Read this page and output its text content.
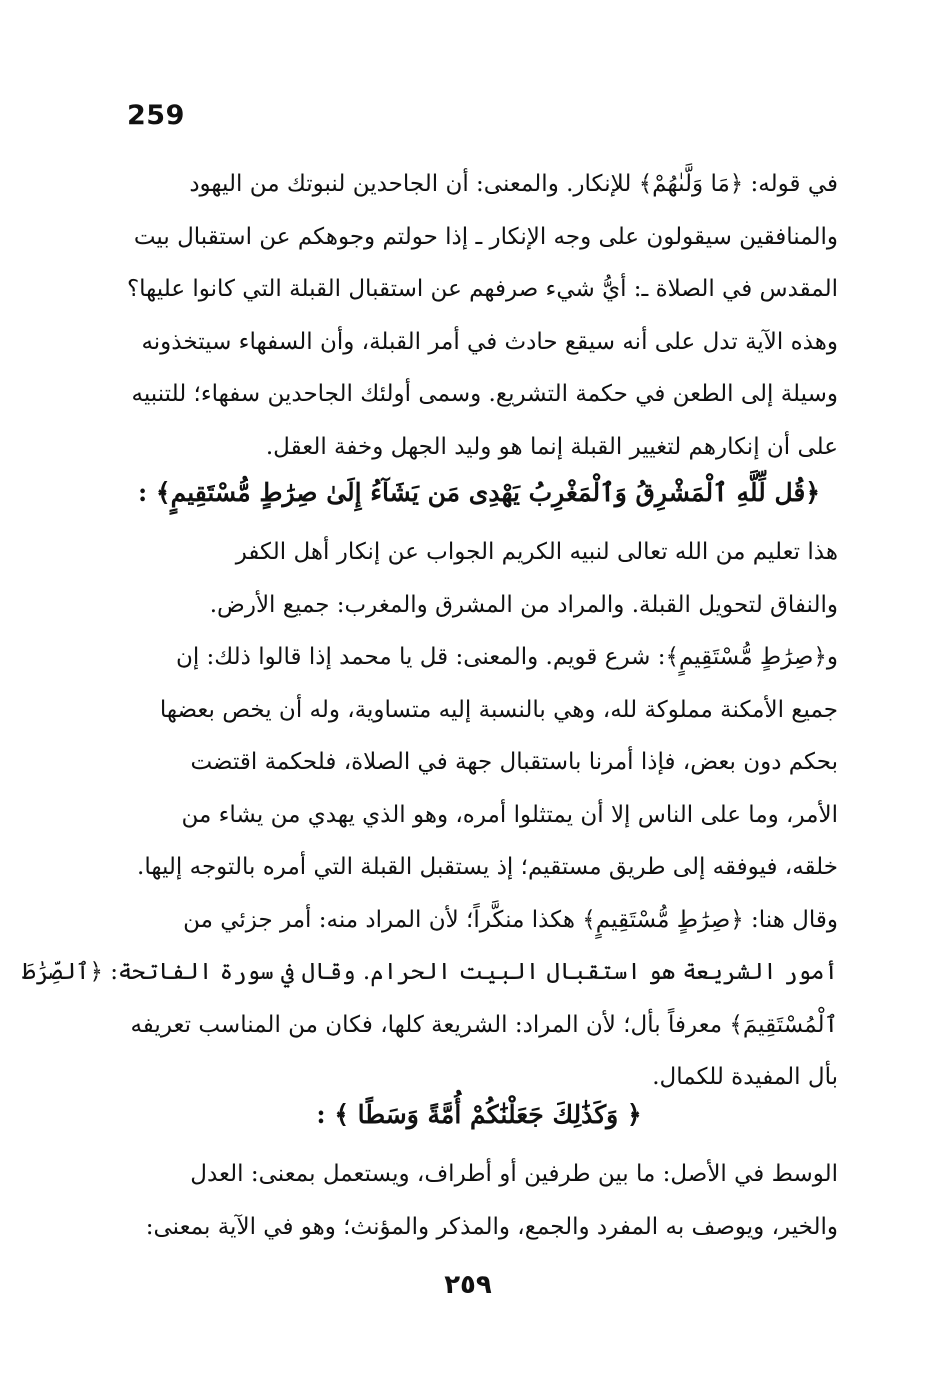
259
في قوله: ﴿مَا وَلَّىٰهُمْ﴾ للإنكار. والمعنى: أن الجاحدين لنبوتك من اليهود
والمنافقين سيقولون على وجه الإنكار ـ إذا حولتم وجوهكم عن استقبال بيت
المقدس في الصلاة ـ: أيُّ شيء صرفهم عن استقبال القبلة التي كانوا عليها؟
وهذه الآية تدل على أنه سيقع حادث في أمر القبلة، وأن السفهاء سيتخذونه
وسيلة إلى الطعن في حكمة التشريع. وسمى أولئك الجاحدين سفهاء؛ للتنبيه
على أن إنكارهم لتغيير القبلة إنما هو وليد الجهل وخفة العقل.
﴿قُل لِّلَّهِ ٱلْمَشْرِقُ وَٱلْمَغْرِبُ يَهْدِى مَن يَشَآءُ إِلَىٰ صِرَٰطٍ مُّسْتَقِيمٍ﴾ :
هذا تعليم من الله تعالى لنبيه الكريم الجواب عن إنكار أهل الكفر
والنفاق لتحويل القبلة. والمراد من المشرق والمغرب: جميع الأرض.
و﴿صِرَٰطٍ مُّسْتَقِيمٍ﴾: شرع قويم. والمعنى: قل يا محمد إذا قالوا ذلك: إن
جميع الأمكنة مملوكة لله، وهي بالنسبة إليه متساوية، وله أن يخص بعضها
بحكم دون بعض، فإذا أمرنا باستقبال جهة في الصلاة، فلحكمة اقتضت
الأمر، وما على الناس إلا أن يمتثلوا أمره، وهو الذي يهدي من يشاء من
خلقه، فيوفقه إلى طريق مستقيم؛ إذ يستقبل القبلة التي أمره بالتوجه إليها.
وقال هنا: ﴿صِرَٰطٍ مُّسْتَقِيمٍ﴾ هكذا منكَّراً؛ لأن المراد منه: أمر جزئي من
أمور الشريعة هو استقبال البيت الحرام. وقال في سورة الفاتحة: ﴿ٱلصِّرَٰطَ
ٱلْمُسْتَقِيمَ﴾ معرفاً بأل؛ لأن المراد: الشريعة كلها، فكان من المناسب تعريفه
بأل المفيدة للكمال.
﴿ وَكَذَٰلِكَ جَعَلْنَٰكُمْ أُمَّةً وَسَطًا ﴾ :
الوسط في الأصل: ما بين طرفين أو أطراف، ويستعمل بمعنى: العدل
والخير، ويوصف به المفرد والجمع، والمذكر والمؤنث؛ وهو في الآية بمعنى:
٢٥٩
